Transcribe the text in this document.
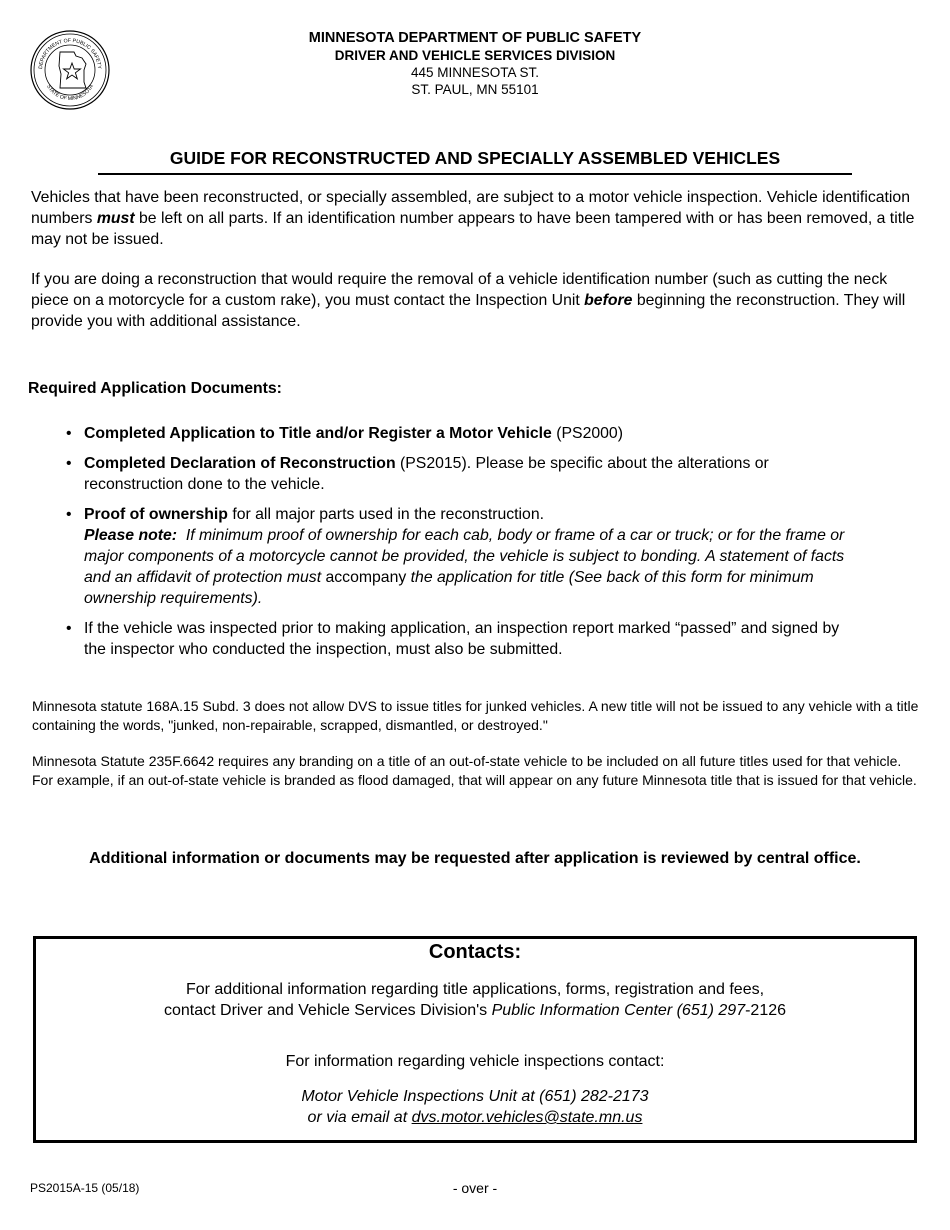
DEPARTMENT OF PUBLIC SAFETY
STATE OF MINNESOTA
MINNESOTA DEPARTMENT OF PUBLIC SAFETY
DRIVER AND VEHICLE SERVICES DIVISION
445 MINNESOTA ST.
ST. PAUL, MN 55101
GUIDE FOR RECONSTRUCTED AND SPECIALLY ASSEMBLED VEHICLES
Vehicles that have been reconstructed, or specially assembled, are subject to a motor vehicle inspection. Vehicle identification numbers must be left on all parts. If an identification number appears to have been tampered with or has been removed, a title may not be issued.
If you are doing a reconstruction that would require the removal of a vehicle identification number (such as cutting the neck piece on a motorcycle for a custom rake), you must contact the Inspection Unit before beginning the reconstruction. They will provide you with additional assistance.
Required Application Documents:
• Completed Application to Title and/or Register a Motor Vehicle (PS2000)
• Completed Declaration of Reconstruction (PS2015). Please be specific about the alterations or reconstruction done to the vehicle.
• Proof of ownership for all major parts used in the reconstruction.
Please note:  If minimum proof of ownership for each cab, body or frame of a car or truck; or for the frame or major components of a motorcycle cannot be provided, the vehicle is subject to bonding. A statement of facts and an affidavit of protection must accompany the application for title (See back of this form for minimum ownership requirements).
• If the vehicle was inspected prior to making application, an inspection report marked “passed” and signed by the inspector who conducted the inspection, must also be submitted.
Minnesota statute 168A.15 Subd. 3 does not allow DVS to issue titles for junked vehicles. A new title will not be issued to any vehicle with a title containing the words, "junked, non-repairable, scrapped, dismantled, or destroyed."
Minnesota Statute 235F.6642 requires any branding on a title of an out-of-state vehicle to be included on all future titles used for that vehicle. For example, if an out-of-state vehicle is branded as flood damaged, that will appear on any future Minnesota title that is issued for that vehicle.
Additional information or documents may be requested after application is reviewed by central office.
Contacts:
For additional information regarding title applications, forms, registration and fees,
contact Driver and Vehicle Services Division's Public Information Center (651) 297-2126
For information regarding vehicle inspections contact:
Motor Vehicle Inspections Unit at (651) 282-2173
or via email at dvs.motor.vehicles@state.mn.us
PS2015A-15 (05/18)	- over -
